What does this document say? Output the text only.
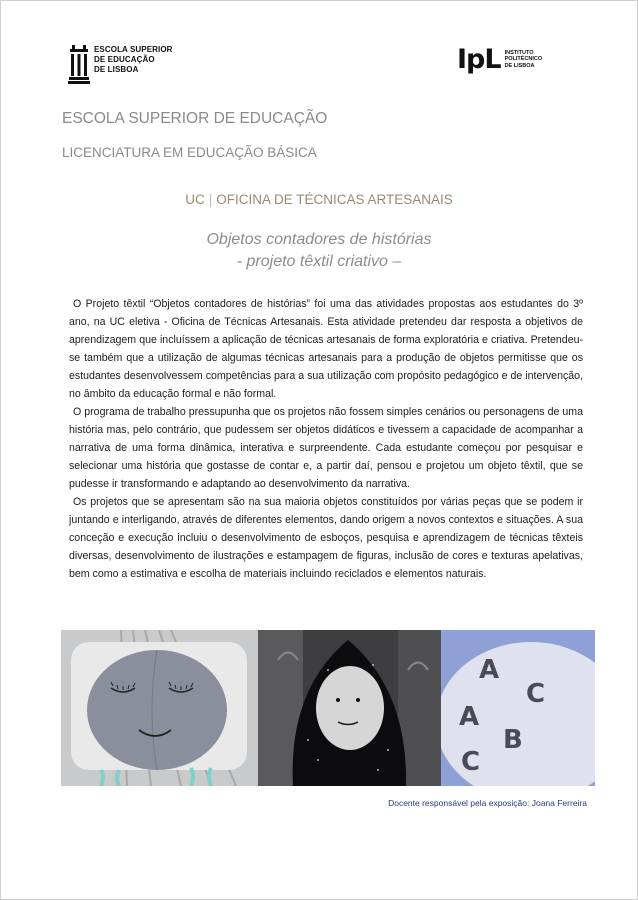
ESCOLA SUPERIOR
DE EDUCAÇÃO
DE LISBOA	IpL INSTITUTO
POLITÉCNICO
DE LISBOA
ESCOLA SUPERIOR DE EDUCAÇÃO
LICENCIATURA EM EDUCAÇÃO BÁSICA
UC | OFICINA DE TÉCNICAS ARTESANAIS
Objetos contadores de histórias
- projeto têxtil criativo –

O Projeto têxtil “Objetos contadores de histórias” foi uma das atividades propostas aos estudantes do 3º ano, na UC eletiva - Oficina de Técnicas Artesanais. Esta atividade pretendeu dar resposta a objetivos de aprendizagem que incluíssem a aplicação de técnicas artesanais de forma exploratória e criativa. Pretendeu-se também que a utilização de algumas técnicas artesanais para a produção de objetos permitisse que os estudantes desenvolvessem competências para a sua utilização com propósito pedagógico e de intervenção, no âmbito da educação formal e não formal.

O programa de trabalho pressupunha que os projetos não fossem simples cenários ou personagens de uma história mas, pelo contrário, que pudessem ser objetos didáticos e tivessem a capacidade de acompanhar a narrativa de uma forma dinâmica, interativa e surpreendente. Cada estudante começou por pesquisar e selecionar uma história que gostasse de contar e, a partir daí, pensou e projetou um objeto têxtil, que se pudesse ir transformando e adaptando ao desenvolvimento da narrativa.

Os projetos que se apresentam são na sua maioria objetos constituídos por várias peças que se podem ir juntando e interligando, através de diferentes elementos, dando origem a novos contextos e situações. A sua conceção e execução incluiu o desenvolvimento de esboços, pesquisa e aprendizagem de técnicas têxteis diversas, desenvolvimento de ilustrações e estampagem de figuras, inclusão de cores e texturas apelativas, bem como a estimativa e escolha de materiais incluindo reciclados e elementos naturais.

A
C
A
B
C
Docente responsável pela exposição: Joana Ferreira
